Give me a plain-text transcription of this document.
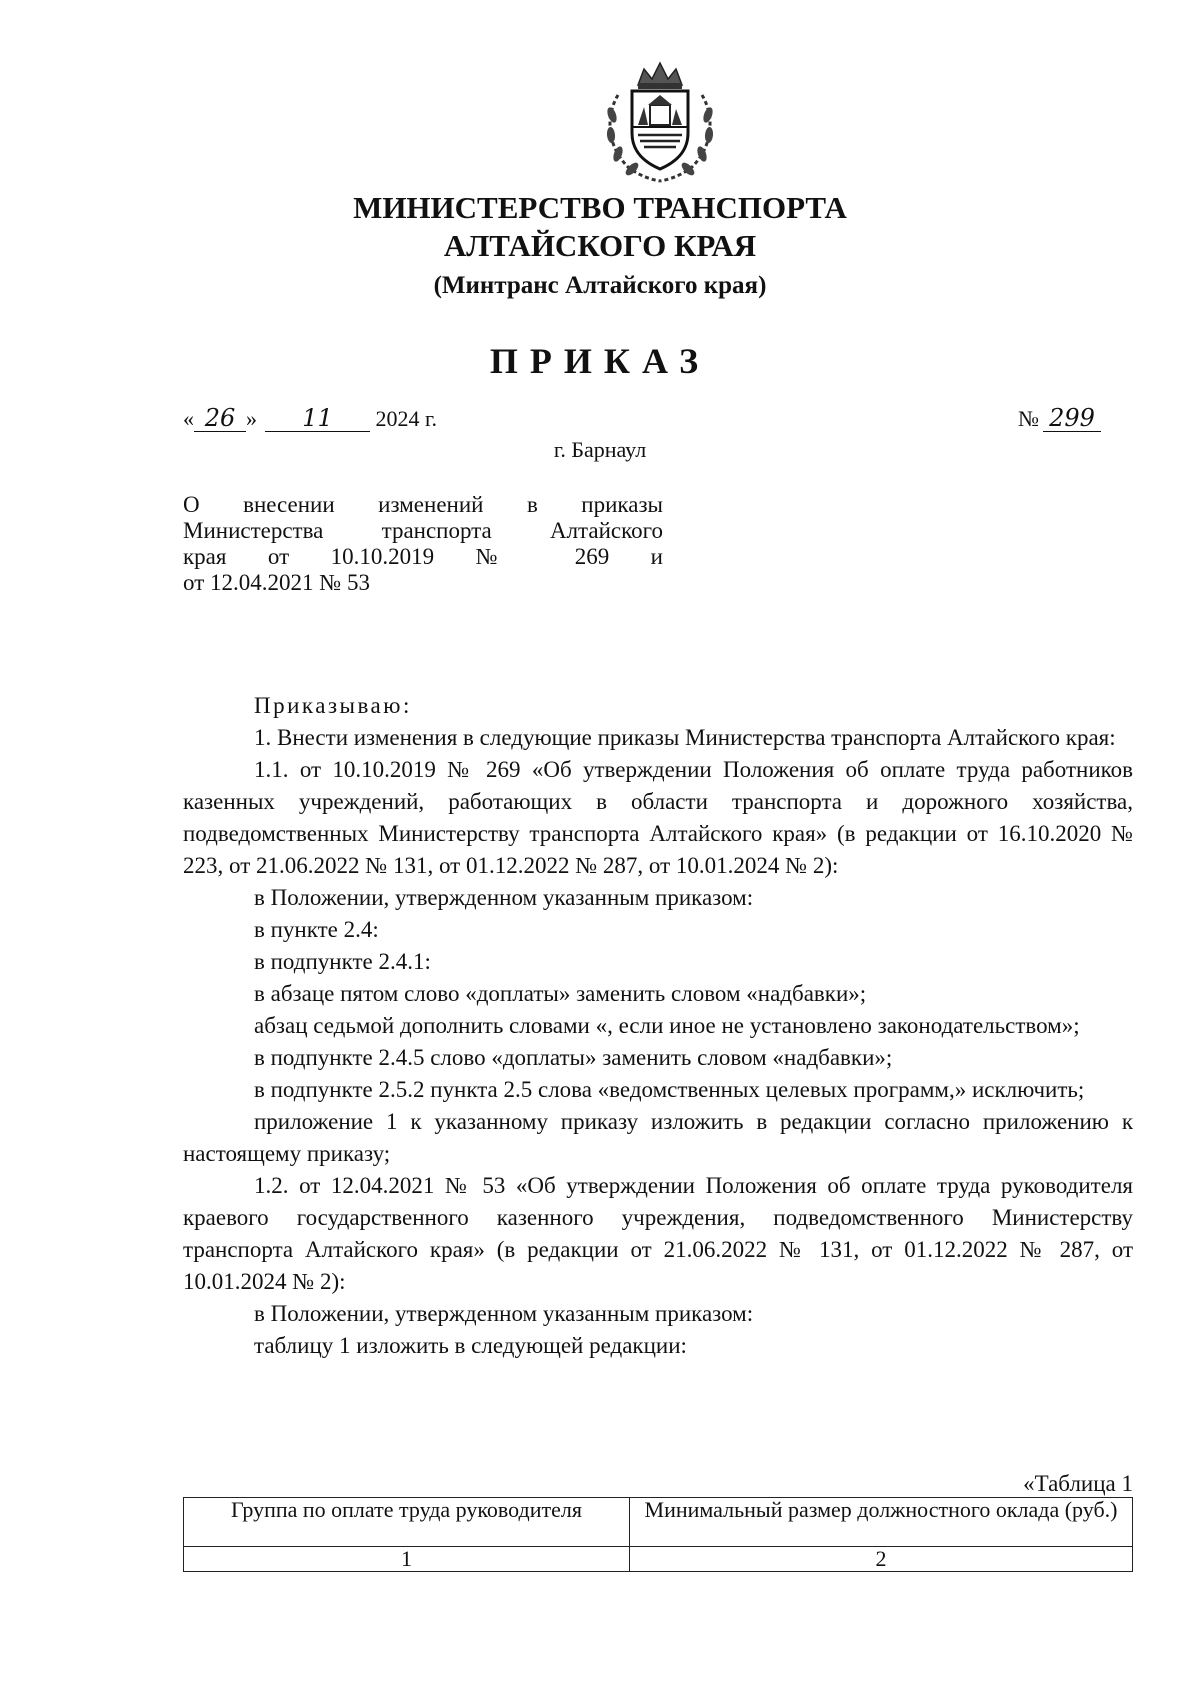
МИНИСТЕРСТВО ТРАНСПОРТА
АЛТАЙСКОГО КРАЯ
(Минтранс Алтайского края)
ПРИКАЗ
« 26 » 11 2024 г.	№ 299
г. Барнаул
О внесении изменений в приказы
Министерства транспорта Алтайского
края от 10.10.2019 № 269 и
от 12.04.2021 № 53

Приказываю:

1. Внести изменения в следующие приказы Министерства транспорта Алтайского края:

1.1. от 10.10.2019 № 269 «Об утверждении Положения об оплате труда работников казенных учреждений, работающих в области транспорта и дорожного хозяйства, подведомственных Министерству транспорта Алтайского края» (в редакции от 16.10.2020 № 223, от 21.06.2022 № 131, от 01.12.2022 № 287, от 10.01.2024 № 2):

в Положении, утвержденном указанным приказом:

в пункте 2.4:

в подпункте 2.4.1:

в абзаце пятом слово «доплаты» заменить словом «надбавки»;

абзац седьмой дополнить словами «, если иное не установлено законодательством»;

в подпункте 2.4.5 слово «доплаты» заменить словом «надбавки»;

в подпункте 2.5.2 пункта 2.5 слова «ведомственных целевых программ,» исключить;

приложение 1 к указанному приказу изложить в редакции согласно приложению к настоящему приказу;

1.2. от 12.04.2021 № 53 «Об утверждении Положения об оплате труда руководителя краевого государственного казенного учреждения, подведомственного Министерству транспорта Алтайского края» (в редакции от 21.06.2022 № 131, от 01.12.2022 № 287, от 10.01.2024 № 2):

в Положении, утвержденном указанным приказом:

таблицу 1 изложить в следующей редакции:

«Таблица 1
Группа по оплате труда руководителя	Минимальный размер должностного оклада (руб.)
1	2
